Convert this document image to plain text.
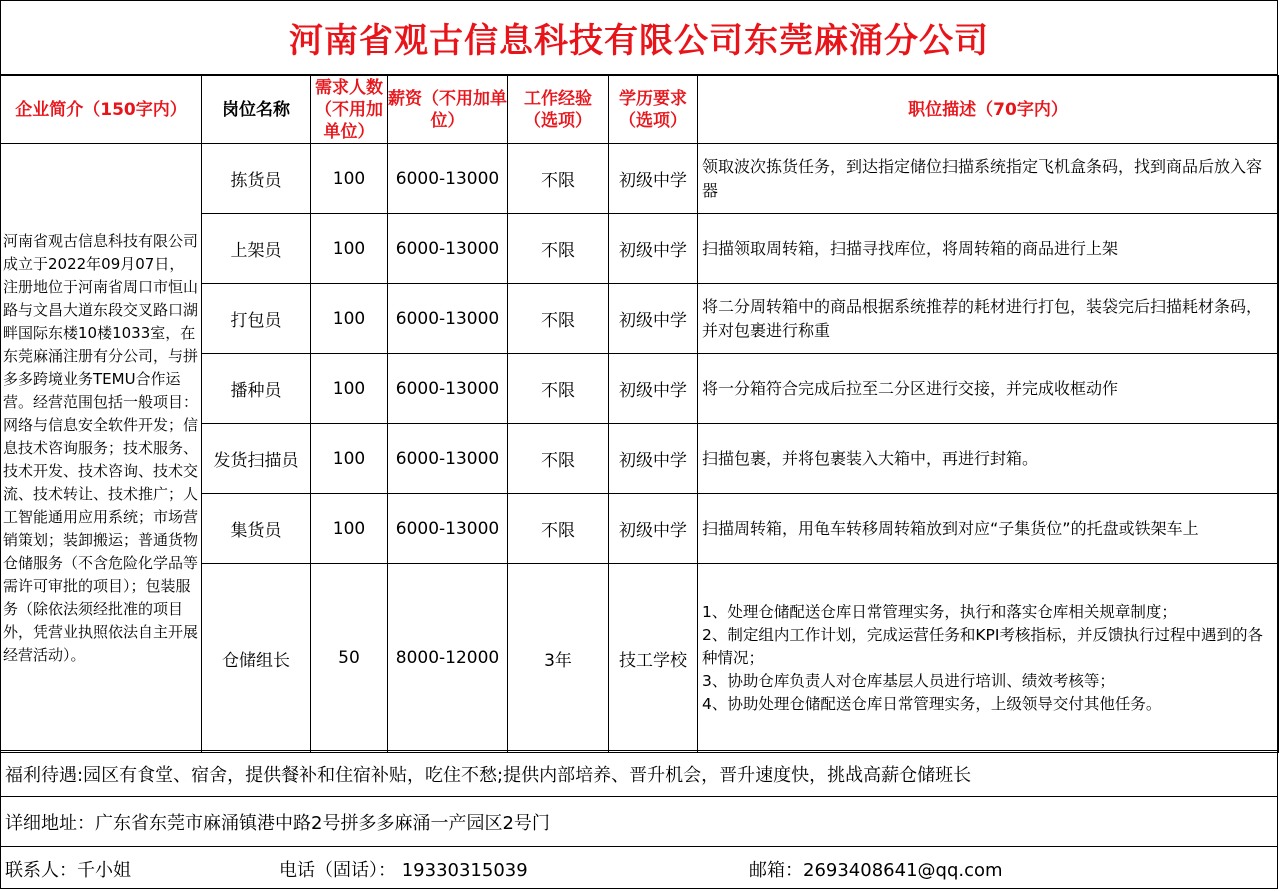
河南省观古信息科技有限公司东莞麻涌分公司
企业简介（150字内）	岗位名称	需求人数（不用加单位）	薪资（不用加单位）	工作经验（选项）	学历要求（选项）	职位描述（70字内）
河南省观古信息科技有限公司成立于2022年09月07日，注册地位于河南省周口市恒山路与文昌大道东段交叉路口湖畔国际东楼10楼1033室，在东莞麻涌注册有分公司，与拼多多跨境业务TEMU合作运营。经营范围包括一般项目：网络与信息安全软件开发；信息技术咨询服务；技术服务、技术开发、技术咨询、技术交流、技术转让、技术推广；人工智能通用应用系统；市场营销策划；装卸搬运；普通货物仓储服务（不含危险化学品等需许可审批的项目）；包装服务（除依法须经批准的项目外，凭营业执照依法自主开展经营活动）。	拣货员	100	6000-13000	不限	初级中学	领取波次拣货任务，到达指定储位扫描系统指定飞机盒条码，找到商品后放入容器
	上架员	100	6000-13000	不限	初级中学	扫描领取周转箱，扫描寻找库位，将周转箱的商品进行上架
	打包员	100	6000-13000	不限	初级中学	将二分周转箱中的商品根据系统推荐的耗材进行打包，装袋完后扫描耗材条码，并对包裹进行称重
	播种员	100	6000-13000	不限	初级中学	将一分箱符合完成后拉至二分区进行交接，并完成收框动作
	发货扫描员	100	6000-13000	不限	初级中学	扫描包裹，并将包裹装入大箱中，再进行封箱。
	集货员	100	6000-13000	不限	初级中学	扫描周转箱，用龟车转移周转箱放到对应“子集货位”的托盘或铁架车上
	仓储组长	50	8000-12000	3年	技工学校	1、处理仓储配送仓库日常管理实务，执行和落实仓库相关规章制度；
2、制定组内工作计划，完成运营任务和KPI考核指标，并反馈执行过程中遇到的各种情况；
3、协助仓库负责人对仓库基层人员进行培训、绩效考核等；
4、协助处理仓储配送仓库日常管理实务，上级领导交付其他任务。
福利待遇:园区有食堂、宿舍，提供餐补和住宿补贴，吃住不愁;提供内部培养、晋升机会，晋升速度快，挑战高薪仓储班长
详细地址：广东省东莞市麻涌镇港中路2号拼多多麻涌一产园区2号门
联系人：千小姐	电话（固话）： 19330315039	邮箱：2693408641@qq.com
